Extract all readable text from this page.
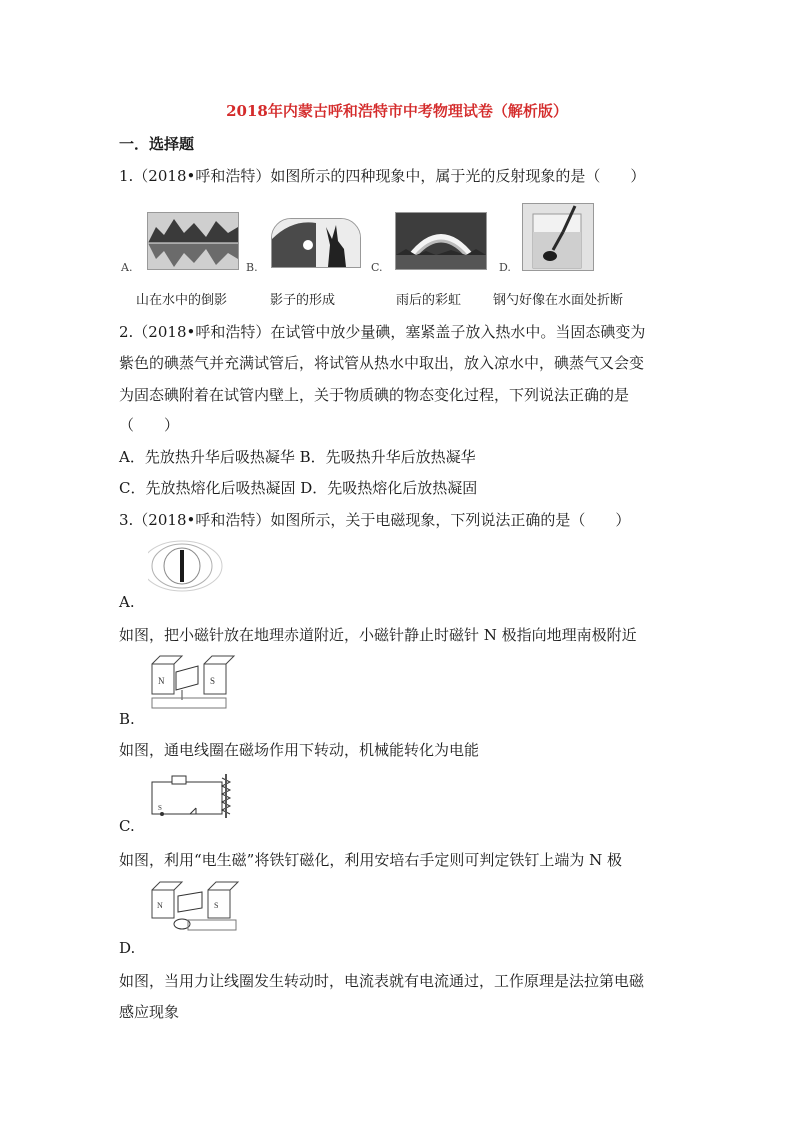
2018年内蒙古呼和浩特市中考物理试卷（解析版）
一．选择题
1.（2018•呼和浩特）如图所示的四种现象中，属于光的反射现象的是（　　）
A.	B.	C.	D.
山在水中的倒影	影子的形成	雨后的彩虹 钢勺好像在水面处折断
2.（2018•呼和浩特）在试管中放少量碘，塞紧盖子放入热水中。当固态碘变为
紫色的碘蒸气并充满试管后，将试管从热水中取出，放入凉水中，碘蒸气又会变
为固态碘附着在试管内壁上，关于物质碘的物态变化过程，下列说法正确的是
（　　）
A．先放热升华后吸热凝华 B．先吸热升华后放热凝华
C．先放热熔化后吸热凝固 D．先吸热熔化后放热凝固
3.（2018•呼和浩特）如图所示，关于电磁现象，下列说法正确的是（　　）
A.
如图，把小磁针放在地理赤道附近，小磁针静止时磁针 N 极指向地理南极附近
N	S
B.
如图，通电线圈在磁场作用下转动，机械能转化为电能
S
C.
如图，利用“电生磁”将铁钉磁化，利用安培右手定则可判定铁钉上端为 N 极
N	S
D.
如图，当用力让线圈发生转动时，电流表就有电流通过，工作原理是法拉第电磁
感应现象
